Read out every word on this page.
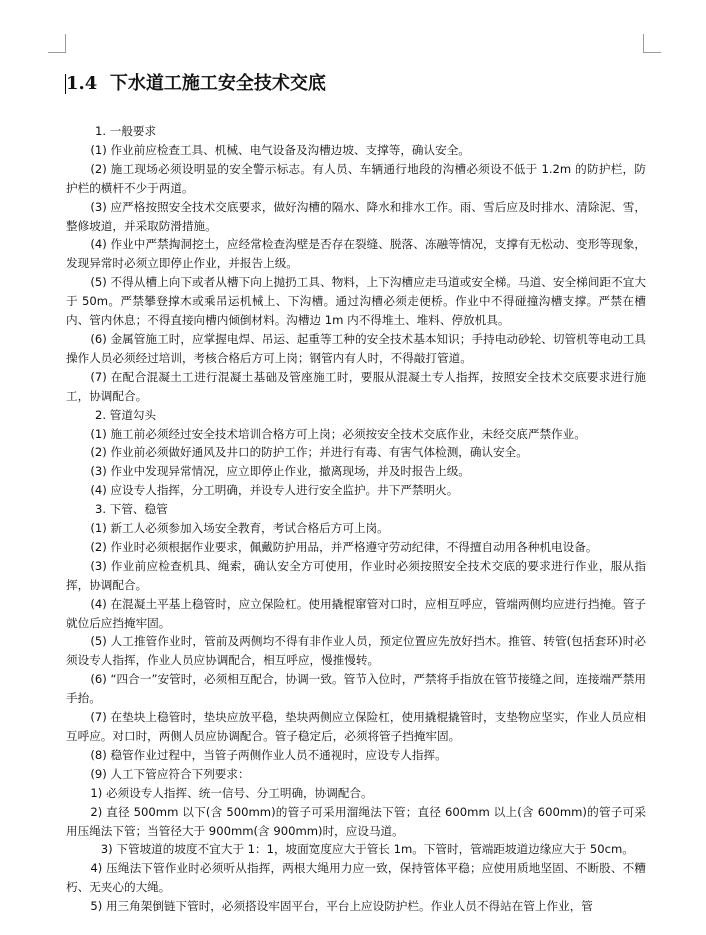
1.4 下水道工施工安全技术交底

1. 一般要求

(1) 作业前应检查工具、机械、电气设备及沟槽边坡、支撑等，确认安全。

(2) 施工现场必须设明显的安全警示标志。有人员、车辆通行地段的沟槽必须设不低于 1.2m 的防护栏，防护栏的横杆不少于两道。

(3) 应严格按照安全技术交底要求，做好沟槽的隔水、降水和排水工作。雨、雪后应及时排水、清除泥、雪，整修坡道，并采取防滑措施。

(4) 作业中严禁掏洞挖土，应经常检查沟壁是否存在裂缝、脱落、冻融等情况，支撑有无松动、变形等现象，发现异常时必须立即停止作业，并报告上级。

(5) 不得从槽上向下或者从槽下向上抛扔工具、物料，上下沟槽应走马道或安全梯。马道、安全梯间距不宜大于 50m。严禁攀登撑木或乘吊运机械上、下沟槽。通过沟槽必须走便桥。作业中不得碰撞沟槽支撑。严禁在槽内、管内休息；不得直接向槽内倾倒材料。沟槽边 1m 内不得堆土、堆料、停放机具。

(6) 金属管施工时，应掌握电焊、吊运、起重等工种的安全技术基本知识；手持电动砂轮、切管机等电动工具操作人员必须经过培训，考核合格后方可上岗；钢管内有人时，不得敲打管道。

(7) 在配合混凝土工进行混凝土基础及管座施工时，要服从混凝土专人指挥，按照安全技术交底要求进行施工，协调配合。

2. 管道勾头

(1) 施工前必须经过安全技术培训合格方可上岗；必须按安全技术交底作业，未经交底严禁作业。

(2) 作业前必须做好通风及井口的防护工作；并进行有毒、有害气体检测，确认安全。

(3) 作业中发现异常情况，应立即停止作业，撤离现场，并及时报告上级。

(4) 应设专人指挥，分工明确，并设专人进行安全监护。井下严禁明火。

3. 下管、稳管

(1) 新工人必须参加入场安全教育，考试合格后方可上岗。

(2) 作业时必须根据作业要求，佩戴防护用品，并严格遵守劳动纪律，不得擅自动用各种机电设备。

(3) 作业前应检查机具、绳索，确认安全方可使用，作业时必须按照安全技术交底的要求进行作业，服从指挥，协调配合。

(4) 在混凝土平基上稳管时，应立保险杠。使用撬棍窜管对口时，应相互呼应，管端两侧均应进行挡掩。管子就位后应挡掩牢固。

(5) 人工推管作业时，管前及两侧均不得有非作业人员，预定位置应先放好挡木。推管、转管(包括套环)时必须设专人指挥，作业人员应协调配合，相互呼应，慢推慢转。

(6) “四合一”安管时，必须相互配合，协调一致。管节入位时，严禁将手指放在管节接缝之间，连接端严禁用手抬。

(7) 在垫块上稳管时，垫块应放平稳，垫块两侧应立保险杠，使用撬棍撬管时，支垫物应坚实，作业人员应相互呼应。对口时，两侧人员应协调配合。管子稳定后，必须将管子挡掩牢固。

(8) 稳管作业过程中，当管子两侧作业人员不通视时，应设专人指挥。

(9) 人工下管应符合下列要求：

1) 必须设专人指挥、统一信号、分工明确，协调配合。

2) 直径 500mm 以下(含 500mm)的管子可采用溜绳法下管；直径 600mm 以上(含 600mm)的管子可采用压绳法下管；当管径大于 900mm(含 900mm)时，应设马道。

3) 下管坡道的坡度不宜大于 1：1，坡面宽度应大于管长 1m。下管时，管端距坡道边缘应大于 50cm。

4) 压绳法下管作业时必须听从指挥，两根大绳用力应一致，保持管体平稳；应使用质地坚固、不断股、不糟朽、无夹心的大绳。

5) 用三角架倒链下管时，必须搭设牢固平台，平台上应设防护栏。作业人员不得站在管上作业，管
